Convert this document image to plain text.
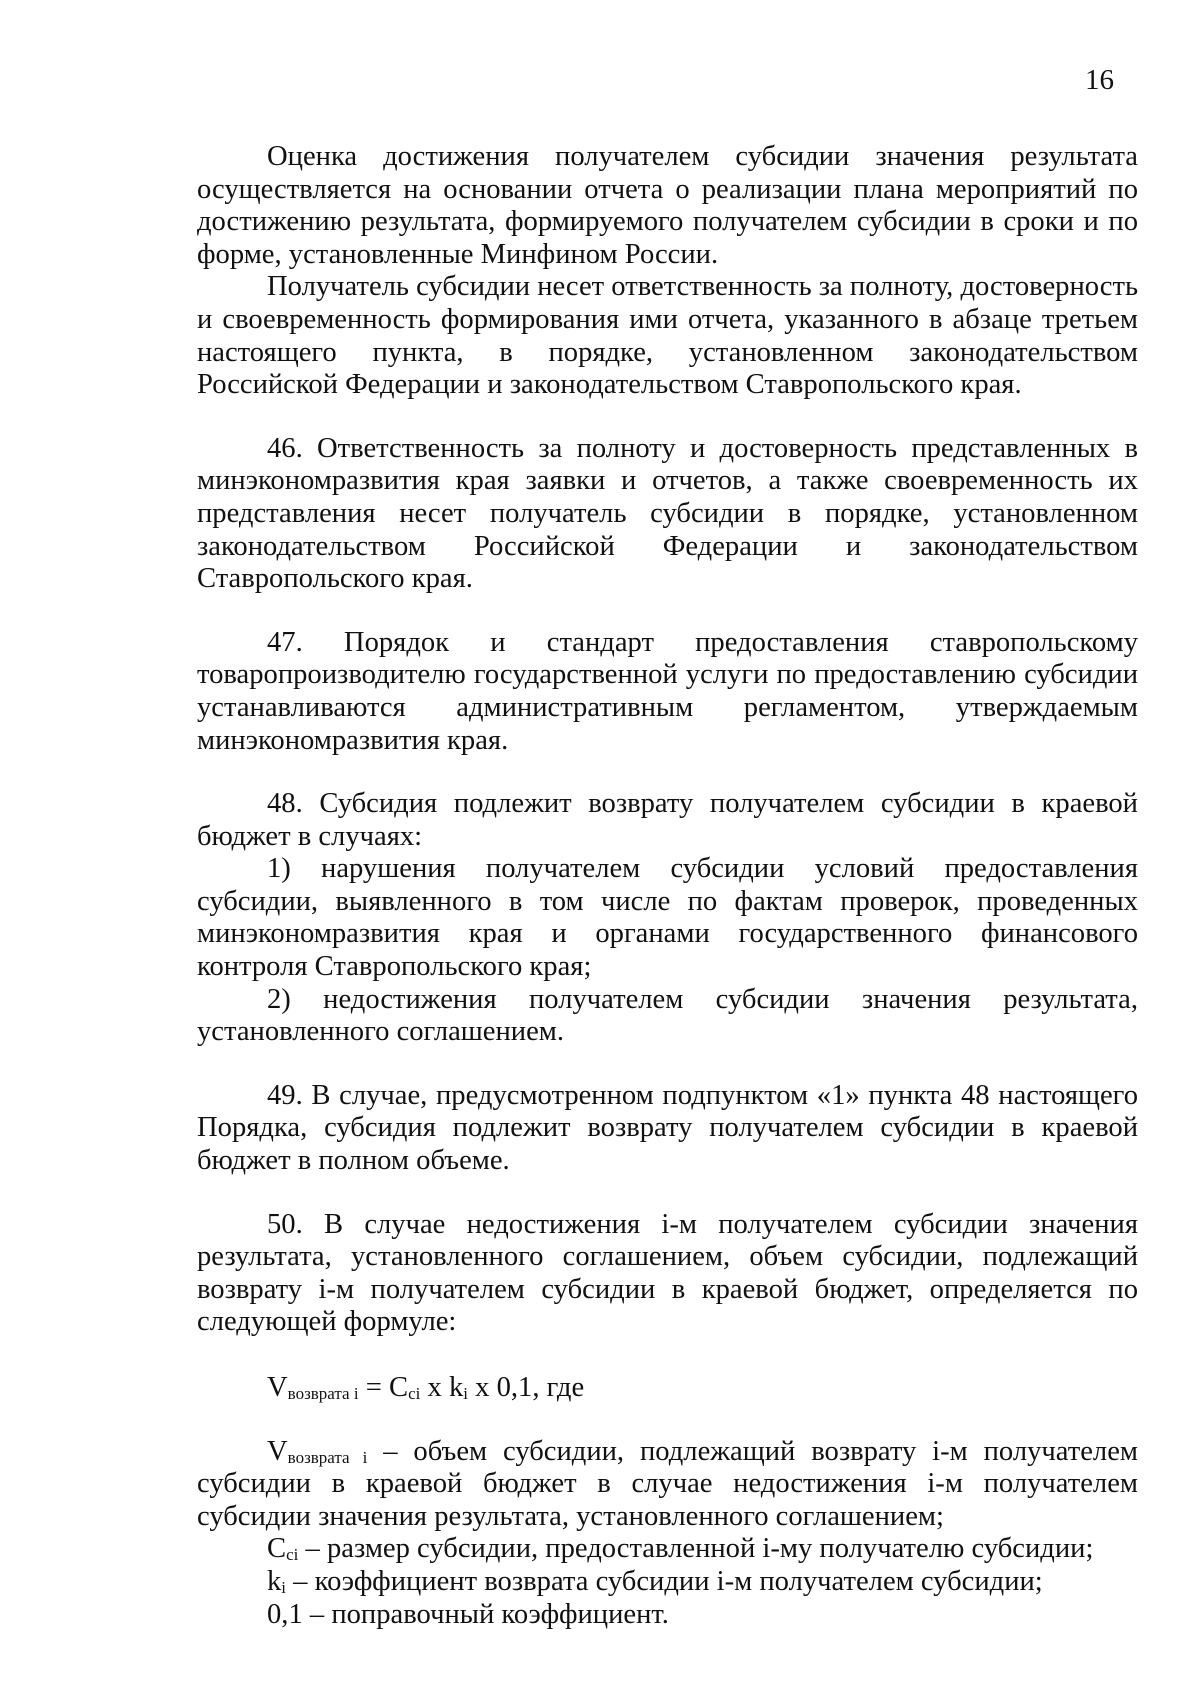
16

Оценка достижения получателем субсидии значения результата осуществляется на основании отчета о реализации плана мероприятий по достижению результата, формируемого получателем субсидии в сроки и по форме, установленные Минфином России.

Получатель субсидии несет ответственность за полноту, достоверность и своевременность формирования ими отчета, указанного в абзаце третьем настоящего пункта, в порядке, установленном законодательством Российской Федерации и законодательством Ставропольского края.

46. Ответственность за полноту и достоверность представленных в минэкономразвития края заявки и отчетов, а также своевременность их представления несет получатель субсидии в порядке, установленном законодательством Российской Федерации и законодательством Ставропольского края.

47. Порядок и стандарт предоставления ставропольскому товаропроизводителю государственной услуги по предоставлению субсидии устанавливаются административным регламентом, утверждаемым минэкономразвития края.

48. Субсидия подлежит возврату получателем субсидии в краевой бюджет в случаях:

1) нарушения получателем субсидии условий предоставления субсидии, выявленного в том числе по фактам проверок, проведенных минэкономразвития края и органами государственного финансового контроля Ставропольского края;

2) недостижения получателем субсидии значения результата, установленного соглашением.

49. В случае, предусмотренном подпунктом «1» пункта 48 настоящего Порядка, субсидия подлежит возврату получателем субсидии в краевой бюджет в полном объеме.

50. В случае недостижения i-м получателем субсидии значения результата, установленного соглашением, объем субсидии, подлежащий возврату i-м получателем субсидии в краевой бюджет, определяется по следующей формуле:

$V_{возврата i} = C_{ci}$ x $k_i$ x 0,1, где

$V_{возврата i}$ – объем субсидии, подлежащий возврату i-м получателем субсидии в краевой бюджет в случае недостижения i-м получателем субсидии значения результата, установленного соглашением;

$C_{ci}$ – размер субсидии, предоставленной i-му получателю субсидии;

$k_i$ – коэффициент возврата субсидии i-м получателем субсидии;

0,1 – поправочный коэффициент.
